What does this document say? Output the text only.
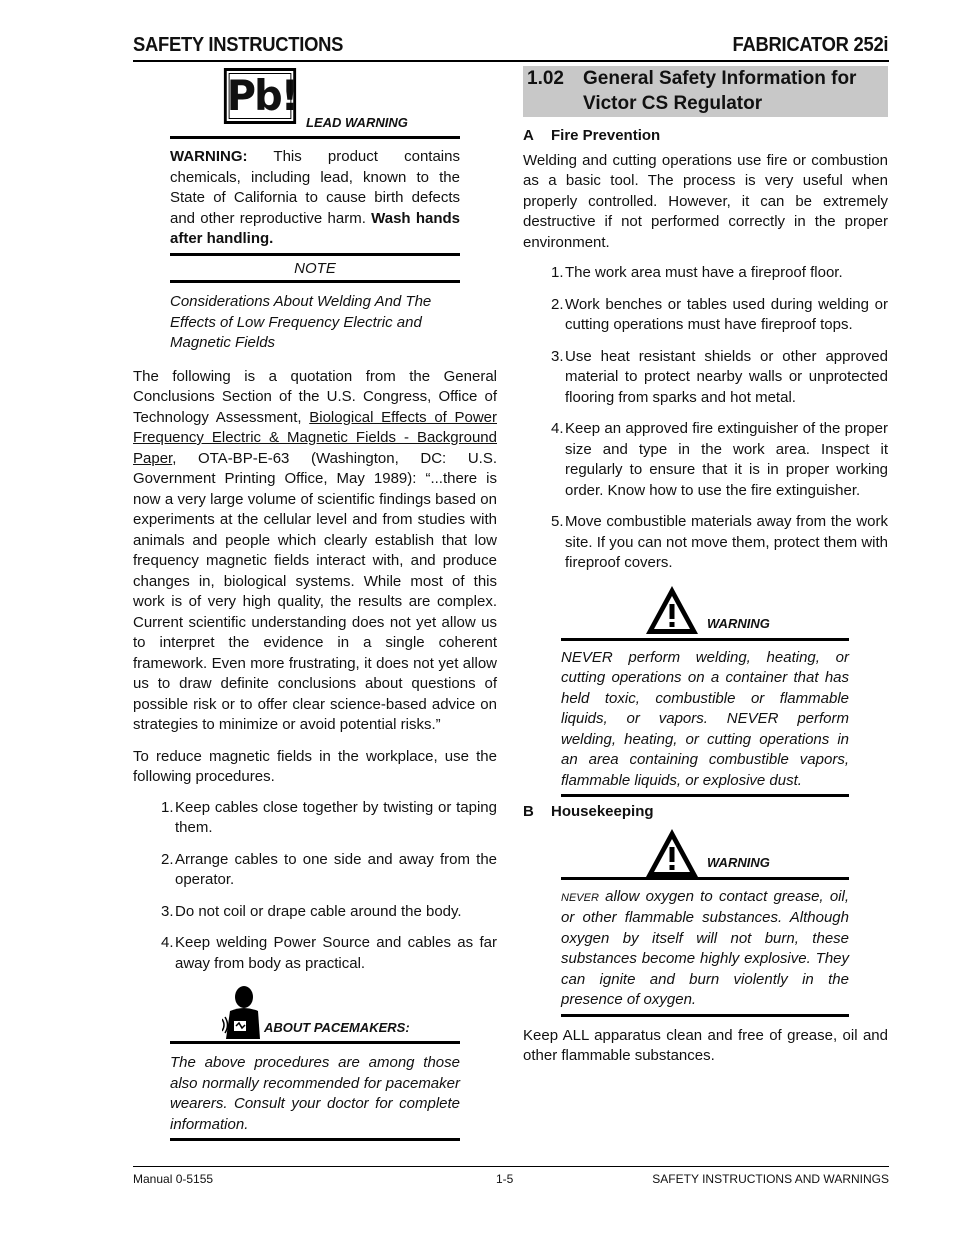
SAFETY INSTRUCTIONS	FABRICATOR 252i
Pb!
LEAD WARNING
WARNING: This product contains chemicals, including lead, known to the State of California to cause birth defects and other reproductive harm. Wash hands after handling.
NOTE
Considerations About Welding And The Effects of Low Frequency Electric and Magnetic Fields

The following is a quotation from the General Conclusions Section of the U.S. Congress, Office of Technology Assessment, Biological Effects of Power Frequency Electric & Magnetic Fields - Background Paper, OTA-BP-E-63 (Washington, DC: U.S. Government Printing Office, May 1989): “...there is now a very large volume of scientific findings based on experiments at the cellular level and from studies with animals and people which clearly establish that low frequency magnetic fields interact with, and produce changes in, biological systems. While most of this work is of very high quality, the results are complex. Current scientific understanding does not yet allow us to interpret the evidence in a single coherent framework. Even more frustrating, it does not yet allow us to draw definite conclusions about questions of possible risk or to offer clear science-based advice on strategies to minimize or avoid potential risks.”

To reduce magnetic fields in the workplace, use the following procedures.

1. Keep cables close together by twisting or taping them.
2. Arrange cables to one side and away from the operator.
3. Do not coil or drape cable around the body.
4. Keep welding Power Source and cables as far away from body as practical.
ABOUT PACEMAKERS:
The above procedures are among those also normally recommended for pacemaker wearers. Consult your doctor for complete information.
1.02	General Safety Information for Victor CS Regulator
A Fire Prevention

Welding and cutting operations use fire or combustion as a basic tool. The process is very useful when properly controlled. However, it can be extremely destructive if not performed correctly in the proper environment.

1. The work area must have a fireproof floor.
2. Work benches or tables used during welding or cutting operations must have fireproof tops.
3. Use heat resistant shields or other approved material to protect nearby walls or unprotected flooring from sparks and hot metal.
4. Keep an approved fire extinguisher of the proper size and type in the work area. Inspect it regularly to ensure that it is in proper working order. Know how to use the fire extinguisher.
5. Move combustible materials away from the work site. If you can not move them, protect them with fireproof covers.
WARNING
NEVER perform welding, heating, or cutting operations on a container that has held toxic, combustible or flammable liquids, or vapors. NEVER perform welding, heating, or cutting operations in an area containing combustible vapors, flammable liquids, or explosive dust.
B Housekeeping
WARNING
NEVER allow oxygen to contact grease, oil, or other flammable substances. Although oxygen by itself will not burn, these substances become highly explosive. They can ignite and burn violently in the presence of oxygen.

Keep ALL apparatus clean and free of grease, oil and other flammable substances.

Manual 0-5155	1-5	SAFETY INSTRUCTIONS AND WARNINGS
